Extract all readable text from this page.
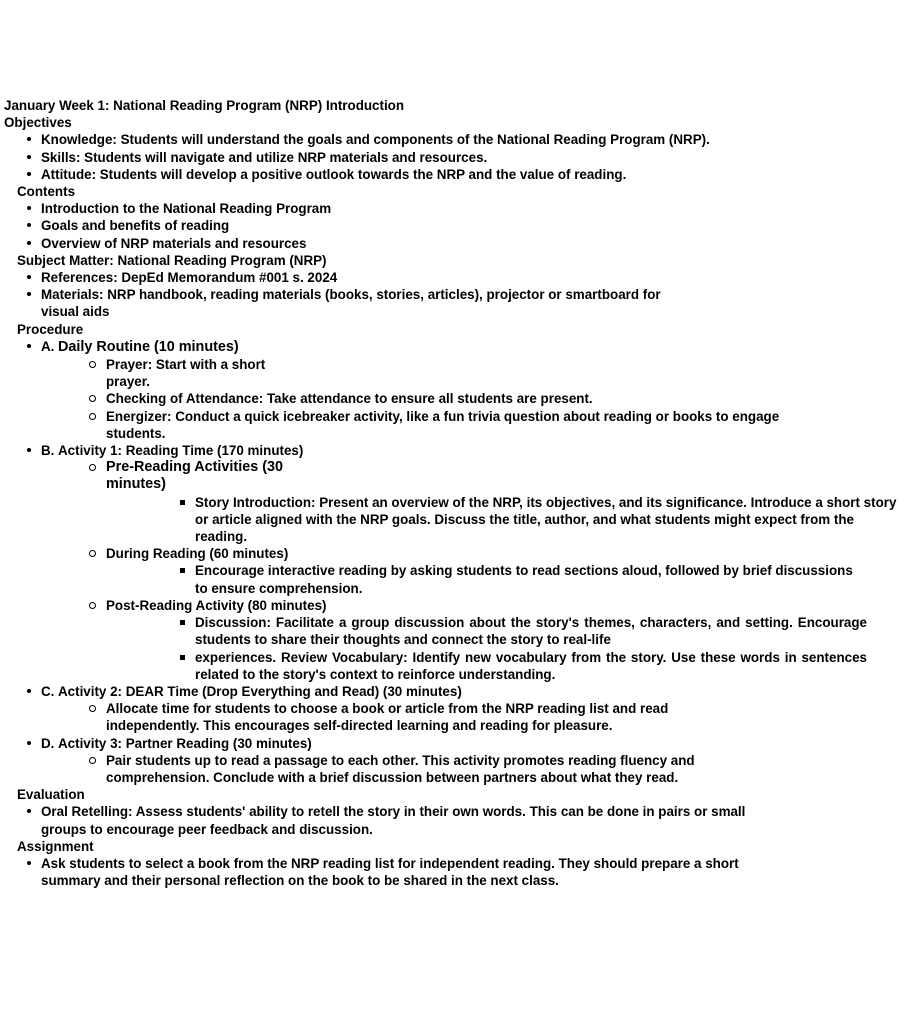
January Week 1: National Reading Program (NRP) Introduction
Objectives
Knowledge: Students will understand the goals and components of the National Reading Program (NRP).
Skills: Students will navigate and utilize NRP materials and resources.
Attitude: Students will develop a positive outlook towards the NRP and the value of reading.
Contents
Introduction to the National Reading Program
Goals and benefits of reading
Overview of NRP materials and resources
Subject Matter: National Reading Program (NRP)
References: DepEd Memorandum #001 s. 2024
Materials: NRP handbook, reading materials (books, stories, articles), projector or smartboard for visual aids
Procedure
A. Daily Routine (10 minutes)
Prayer: Start with a short prayer.
Checking of Attendance: Take attendance to ensure all students are present.
Energizer: Conduct a quick icebreaker activity, like a fun trivia question about reading or books to engage students.
B. Activity 1: Reading Time (170 minutes)
Pre-Reading Activities (30 minutes)
Story Introduction: Present an overview of the NRP, its objectives, and its significance. Introduce a short story or article aligned with the NRP goals. Discuss the title, author, and what students might expect from the reading.
During Reading (60 minutes)
Encourage interactive reading by asking students to read sections aloud, followed by brief discussions to ensure comprehension.
Post-Reading Activity (80 minutes)
Discussion: Facilitate a group discussion about the story's themes, characters, and setting. Encourage students to share their thoughts and connect the story to real-life
experiences. Review Vocabulary: Identify new vocabulary from the story. Use these words in sentences related to the story's context to reinforce understanding.
C. Activity 2: DEAR Time (Drop Everything and Read) (30 minutes)
Allocate time for students to choose a book or article from the NRP reading list and read independently. This encourages self-directed learning and reading for pleasure.
D. Activity 3: Partner Reading (30 minutes)
Pair students up to read a passage to each other. This activity promotes reading fluency and comprehension. Conclude with a brief discussion between partners about what they read.
Evaluation
Oral Retelling: Assess students' ability to retell the story in their own words. This can be done in pairs or small groups to encourage peer feedback and discussion.
Assignment
Ask students to select a book from the NRP reading list for independent reading. They should prepare a short summary and their personal reflection on the book to be shared in the next class.
